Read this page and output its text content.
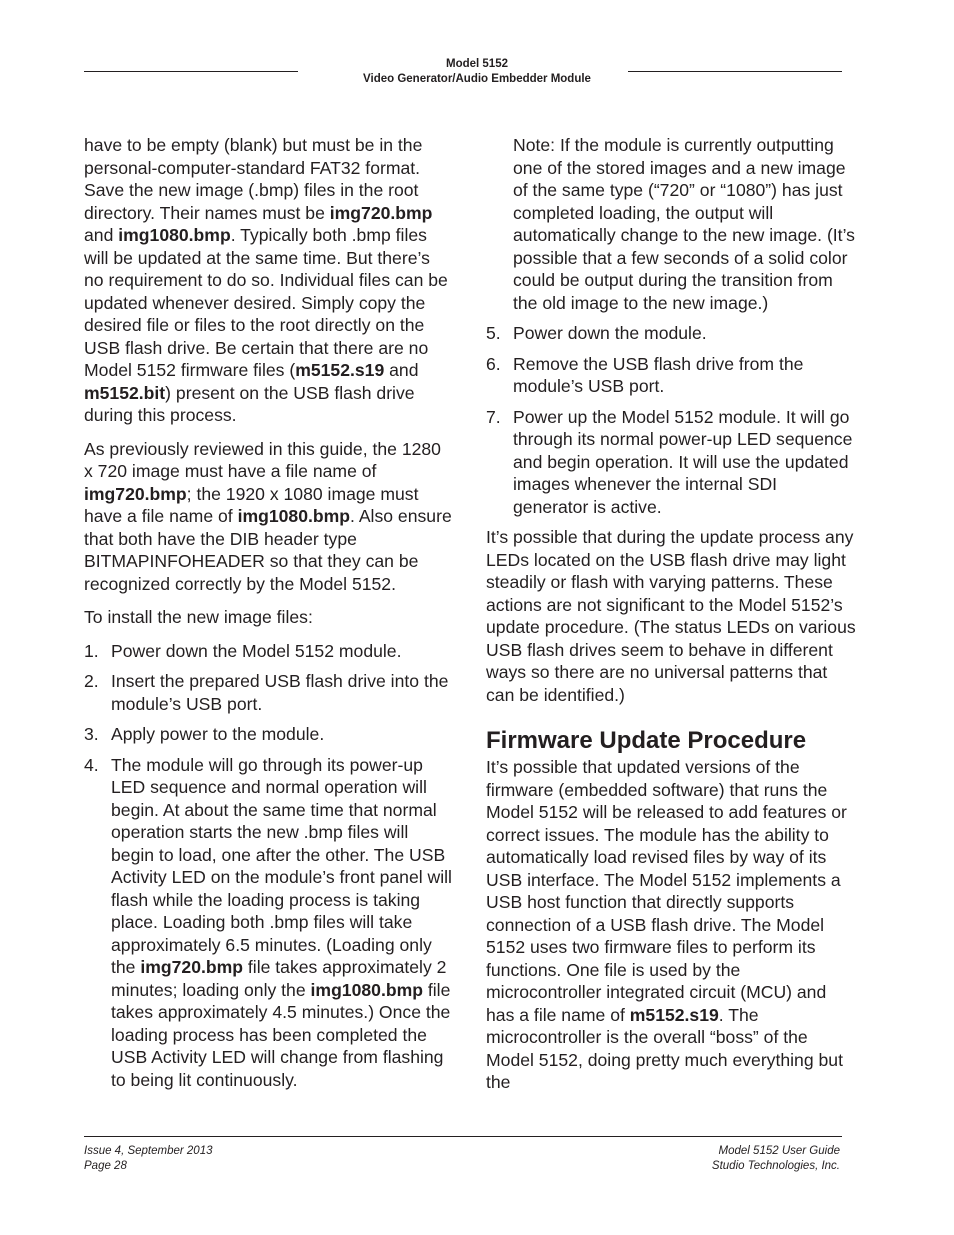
Model 5152
Video Generator/Audio Embedder Module

have to be empty (blank) but must be in the personal-computer-standard FAT32 format. Save the new image (.bmp) files in the root directory. Their names must be img720.bmp and img1080.bmp. Typically both .bmp files will be updated at the same time. But there’s no requirement to do so. Individual files can be updated whenever desired. Simply copy the desired file or files to the root directly on the USB flash drive. Be certain that there are no Model 5152 firmware files (m5152.s19 and m5152.bit) present on the USB flash drive during this process.

As previously reviewed in this guide, the 1280 x 720 image must have a file name of img720.bmp; the 1920 x 1080 image must have a file name of img1080.bmp. Also ensure that both have the DIB header type BITMAPINFOHEADER so that they can be recognized correctly by the Model 5152.

To install the new image files:

1. Power down the Model 5152 module.
2. Insert the prepared USB flash drive into the module’s USB port.
3. Apply power to the module.
4. The module will go through its power-up LED sequence and normal operation will begin. At about the same time that normal operation starts the new .bmp files will begin to load, one after the other. The USB Activity LED on the module’s front panel will flash while the loading process is taking place. Loading both .bmp files will take approximately 6.5 minutes. (Loading only the img720.bmp file takes approximately 2 minutes; loading only the img1080.bmp file takes approximately 4.5 minutes.) Once the loading process has been completed the USB Activity LED will change from flashing to being lit continuously.

Note: If the module is currently outputting one of the stored images and a new image of the same type (“720” or “1080”) has just completed loading, the output will automatically change to the new image. (It’s possible that a few seconds of a solid color could be output during the transition from the old image to the new image.)

5. Power down the module.
6. Remove the USB flash drive from the module’s USB port.
7. Power up the Model 5152 module. It will go through its normal power-up LED sequence and begin operation. It will use the updated images whenever the internal SDI generator is active.

It’s possible that during the update process any LEDs located on the USB flash drive may light steadily or flash with varying patterns. These actions are not significant to the Model 5152’s update procedure. (The status LEDs on various USB flash drives seem to behave in different ways so there are no universal patterns that can be identified.)

Firmware Update Procedure

It’s possible that updated versions of the firmware (embedded software) that runs the Model 5152 will be released to add features or correct issues. The module has the ability to automatically load revised files by way of its USB interface. The Model 5152 implements a USB host function that directly supports connection of a USB flash drive. The Model 5152 uses two firmware files to perform its functions. One file is used by the microcontroller integrated circuit (MCU) and has a file name of m5152.s19. The microcontroller is the overall “boss” of the Model 5152, doing pretty much everything but the

Issue 4, September 2013
Page 28
Model 5152 User Guide
Studio Technologies, Inc.
